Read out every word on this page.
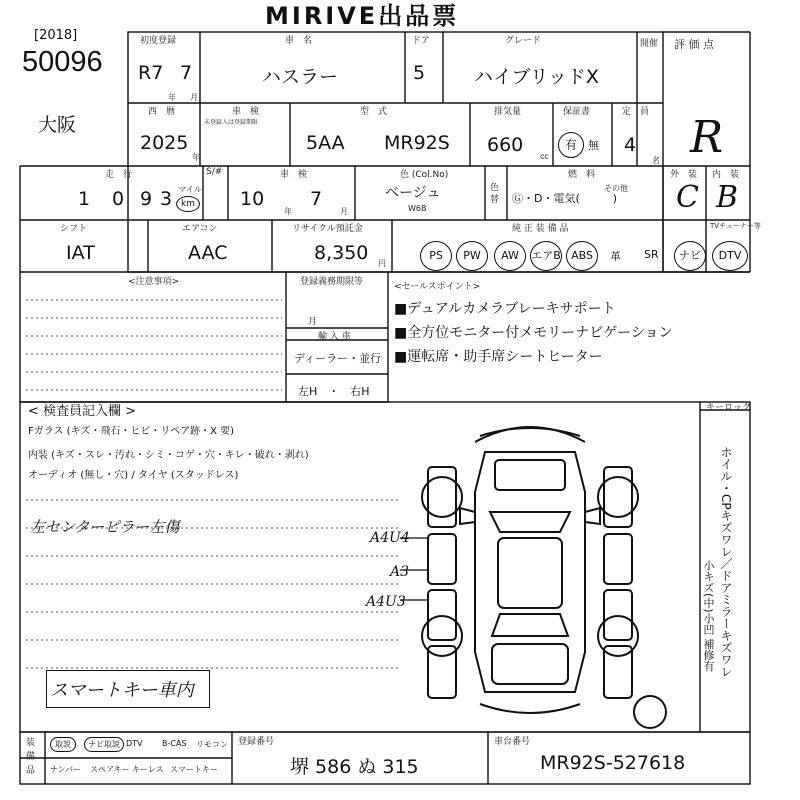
MIRIVE出品票
[2018]
50096
大阪
初度登録
R7 7
年 月
車　名
ハスラー
ドア
5
グレード
ハイブリッドX
開催 評 価 点
R
西　暦
2025
年
車　検
未登録入は登録期限
型　式
5AA MR92S
排気量
660
cc
保証書
有	無
定　員
4
名
走　行
1 0 9 3 マイル
km
S/#	車　検
10
年
7
月
色 (Col.No)
ベージュ
W6B
色替
燃　料
Ⓖ・D・電気(　　　)
その他
外　装
C
内　装
B
シフト
IAT
エアコン
AAC
リサイクル預託金
8,350 円
純 正 装 備 品
PS	PW	AW	エアB ABS	革 SR	ナビ
TVチューナー等
DTV
<注意事項>	登録義務期限等
月
輸 入 車
ディーラー・並行
左H　・　右H
<セールスポイント>
■デュアルカメラブレーキサポート
■全方位モニター付メモリーナビゲーション
■運転席・助手席シートヒーター
< 検査員記入欄 >
Fガラス (キズ・飛石・ヒビ・リペア跡・X 要)
内装 (キズ・スレ・汚れ・シミ・コゲ・穴・キレ・破れ・剥れ)
オーディオ (無し・穴) / タイヤ (スタッドレス)
左センターピラー左傷
スマートキー車内
キーロック
ホイル・CPキズワレ／ドアミラーキズワレ
小キズ(中)小凹 補修有
A4U4
A3
A4U3
装備品
取説	ナビ取説 DTV B-CAS リモコン
ナンバー スペアキー キーレス スマートキー
登録番号
堺 586 ぬ 315
車台番号
MR92S-527618
